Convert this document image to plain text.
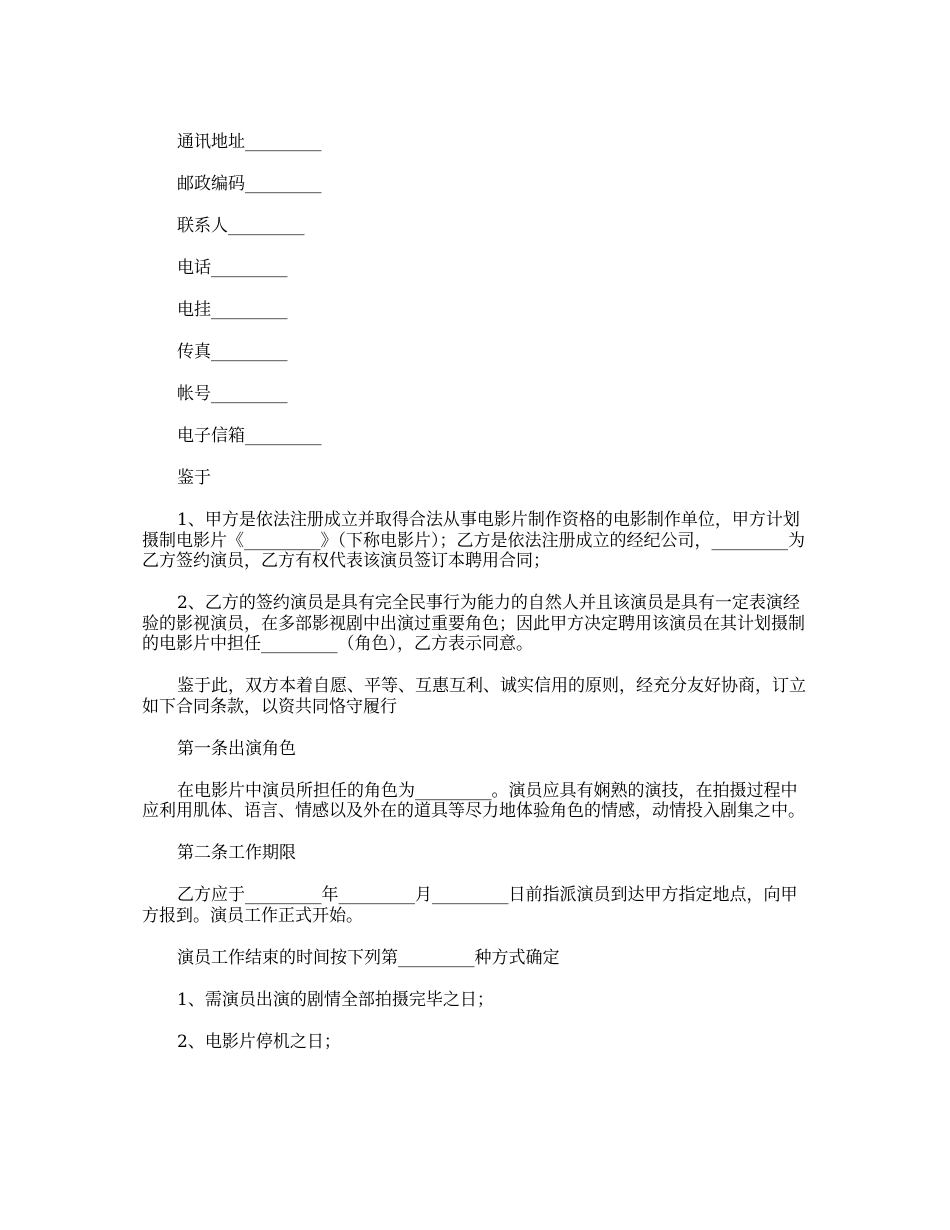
通讯地址_________

邮政编码_________

联系人_________

电话_________

电挂_________

传真_________

帐号_________

电子信箱_________

鉴于

1、甲方是依法注册成立并取得合法从事电影片制作资格的电影制作单位，甲方计划摄制电影片《_________》（下称电影片）；乙方是依法注册成立的经纪公司，_________为乙方签约演员，乙方有权代表该演员签订本聘用合同；

2、乙方的签约演员是具有完全民事行为能力的自然人并且该演员是具有一定表演经验的影视演员，在多部影视剧中出演过重要角色；因此甲方决定聘用该演员在其计划摄制的电影片中担任_________（角色），乙方表示同意。

鉴于此，双方本着自愿、平等、互惠互利、诚实信用的原则，经充分友好协商，订立如下合同条款，以资共同恪守履行

第一条出演角色

在电影片中演员所担任的角色为_________。演员应具有娴熟的演技，在拍摄过程中应利用肌体、语言、情感以及外在的道具等尽力地体验角色的情感，动情投入剧集之中。

第二条工作期限

乙方应于_________年_________月_________日前指派演员到达甲方指定地点，向甲方报到。演员工作正式开始。

演员工作结束的时间按下列第_________种方式确定

1、需演员出演的剧情全部拍摄完毕之日；

2、电影片停机之日；
